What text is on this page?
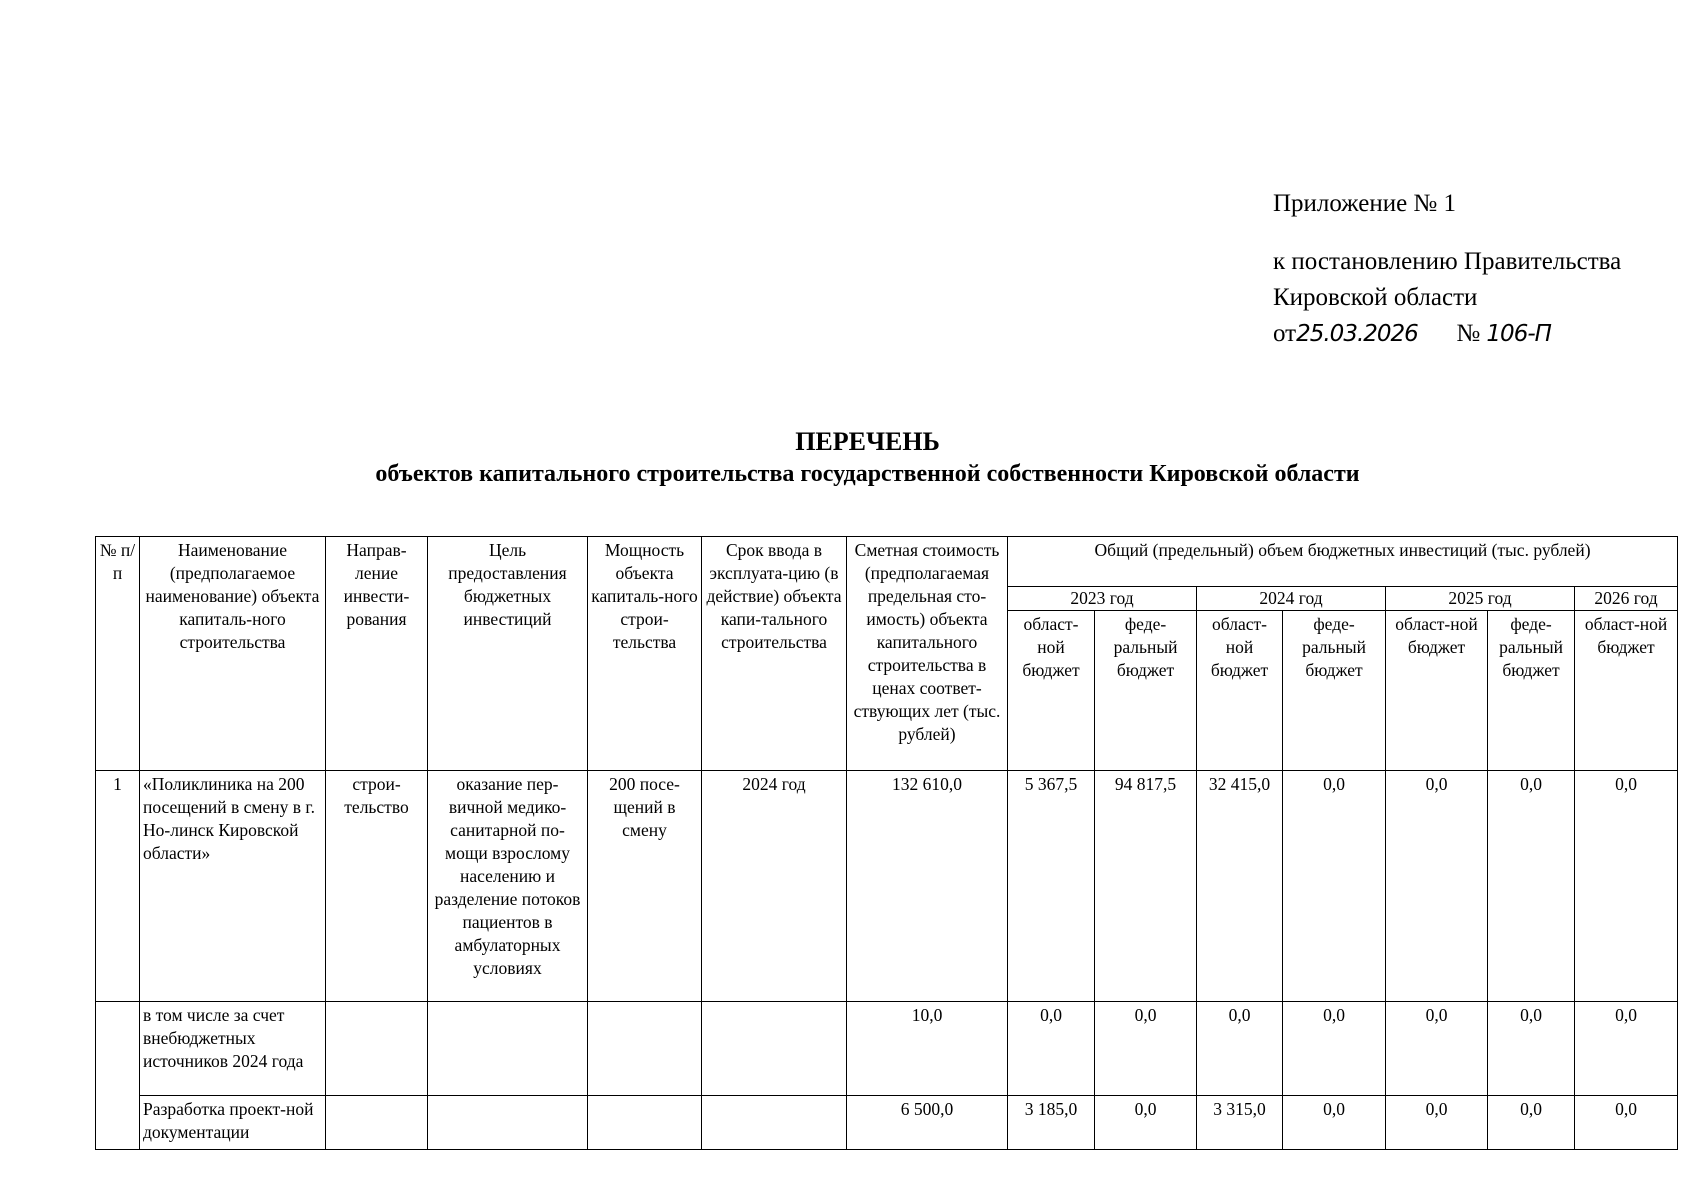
Приложение № 1
к постановлению Правительства
Кировской области
от25.03.2026 № 106-П
ПЕРЕЧЕНЬ
объектов капитального строительства государственной собственности Кировской области
№ п/п	Наименование (предполагаемое наименование) объекта капиталь-ного строительства	Направ-ление инвести-рования	Цель предоставления бюджетных инвестиций	Мощность объекта капиталь-ного строи-тельства	Срок ввода в эксплуата-цию (в действие) объекта капи-тального строительства	Сметная стоимость (предполагаемая предельная сто-имость) объекта капитального строительства в ценах соответ-ствующих лет (тыс. рублей)	Общий (предельный) объем бюджетных инвестиций (тыс. рублей)						
							2023 год		2024 год		2025 год		2026 год
							област-ной бюджет	феде-ральный бюджет	област-ной бюджет	феде-ральный бюджет	област-ной бюджет	феде-ральный бюджет	област-ной бюджет
1	«Поликлиника на 200 посещений в смену в г. Но-линск Кировской области»	строи-тельство	оказание пер-вичной медико-санитарной по-мощи взрослому населению и разделение потоков пациентов в амбулаторных условиях	200 посе-щений в смену	2024 год	132 610,0	5 367,5	94 817,5	32 415,0	0,0	0,0	0,0	0,0
	в том числе за счет внебюджетных источников 2024 года					10,0	0,0	0,0	0,0	0,0	0,0	0,0	0,0
	Разработка проект-ной документации					6 500,0	3 185,0	0,0	3 315,0	0,0	0,0	0,0	0,0
